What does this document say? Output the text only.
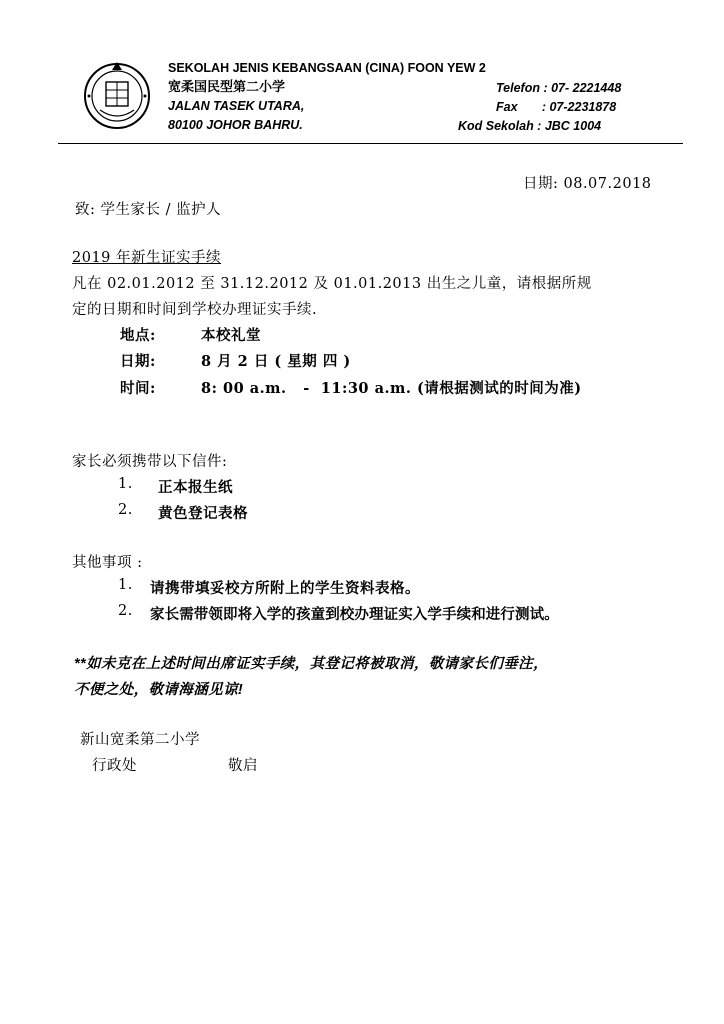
SEKOLAH JENIS KEBANGSAAN (CINA) FOON YEW 2
宽柔国民型第二小学
JALAN TASEK UTARA,
80100 JOHOR BAHRU.
Telefon : 07- 2221448
Fax       : 07-2231878
Kod Sekolah : JBC 1004
日期: 08.07.2018
致: 学生家长 / 监护人
2019 年新生证实手续
凡在 02.01.2012 至 31.12.2012 及 01.01.2013 出生之儿童，请根据所规
定的日期和时间到学校办理证实手续.
地点:	本校礼堂
日期:	8 月 2 日 ( 星期 四 )
时间:	8: 00 a.m.   -  11:30 a.m. (请根据测试的时间为准)
家长必须携带以下信件:
1. 正本报生纸
2. 黄色登记表格
其他事项 :
1. 请携带填妥校方所附上的学生资料表格。
2. 家长需带领即将入学的孩童到校办理证实入学手续和进行测试。
**如未克在上述时间出席证实手续，其登记将被取消，敬请家长们垂注，
不便之处，敬请海涵见谅!
新山宽柔第二小学
行政处	敬启
